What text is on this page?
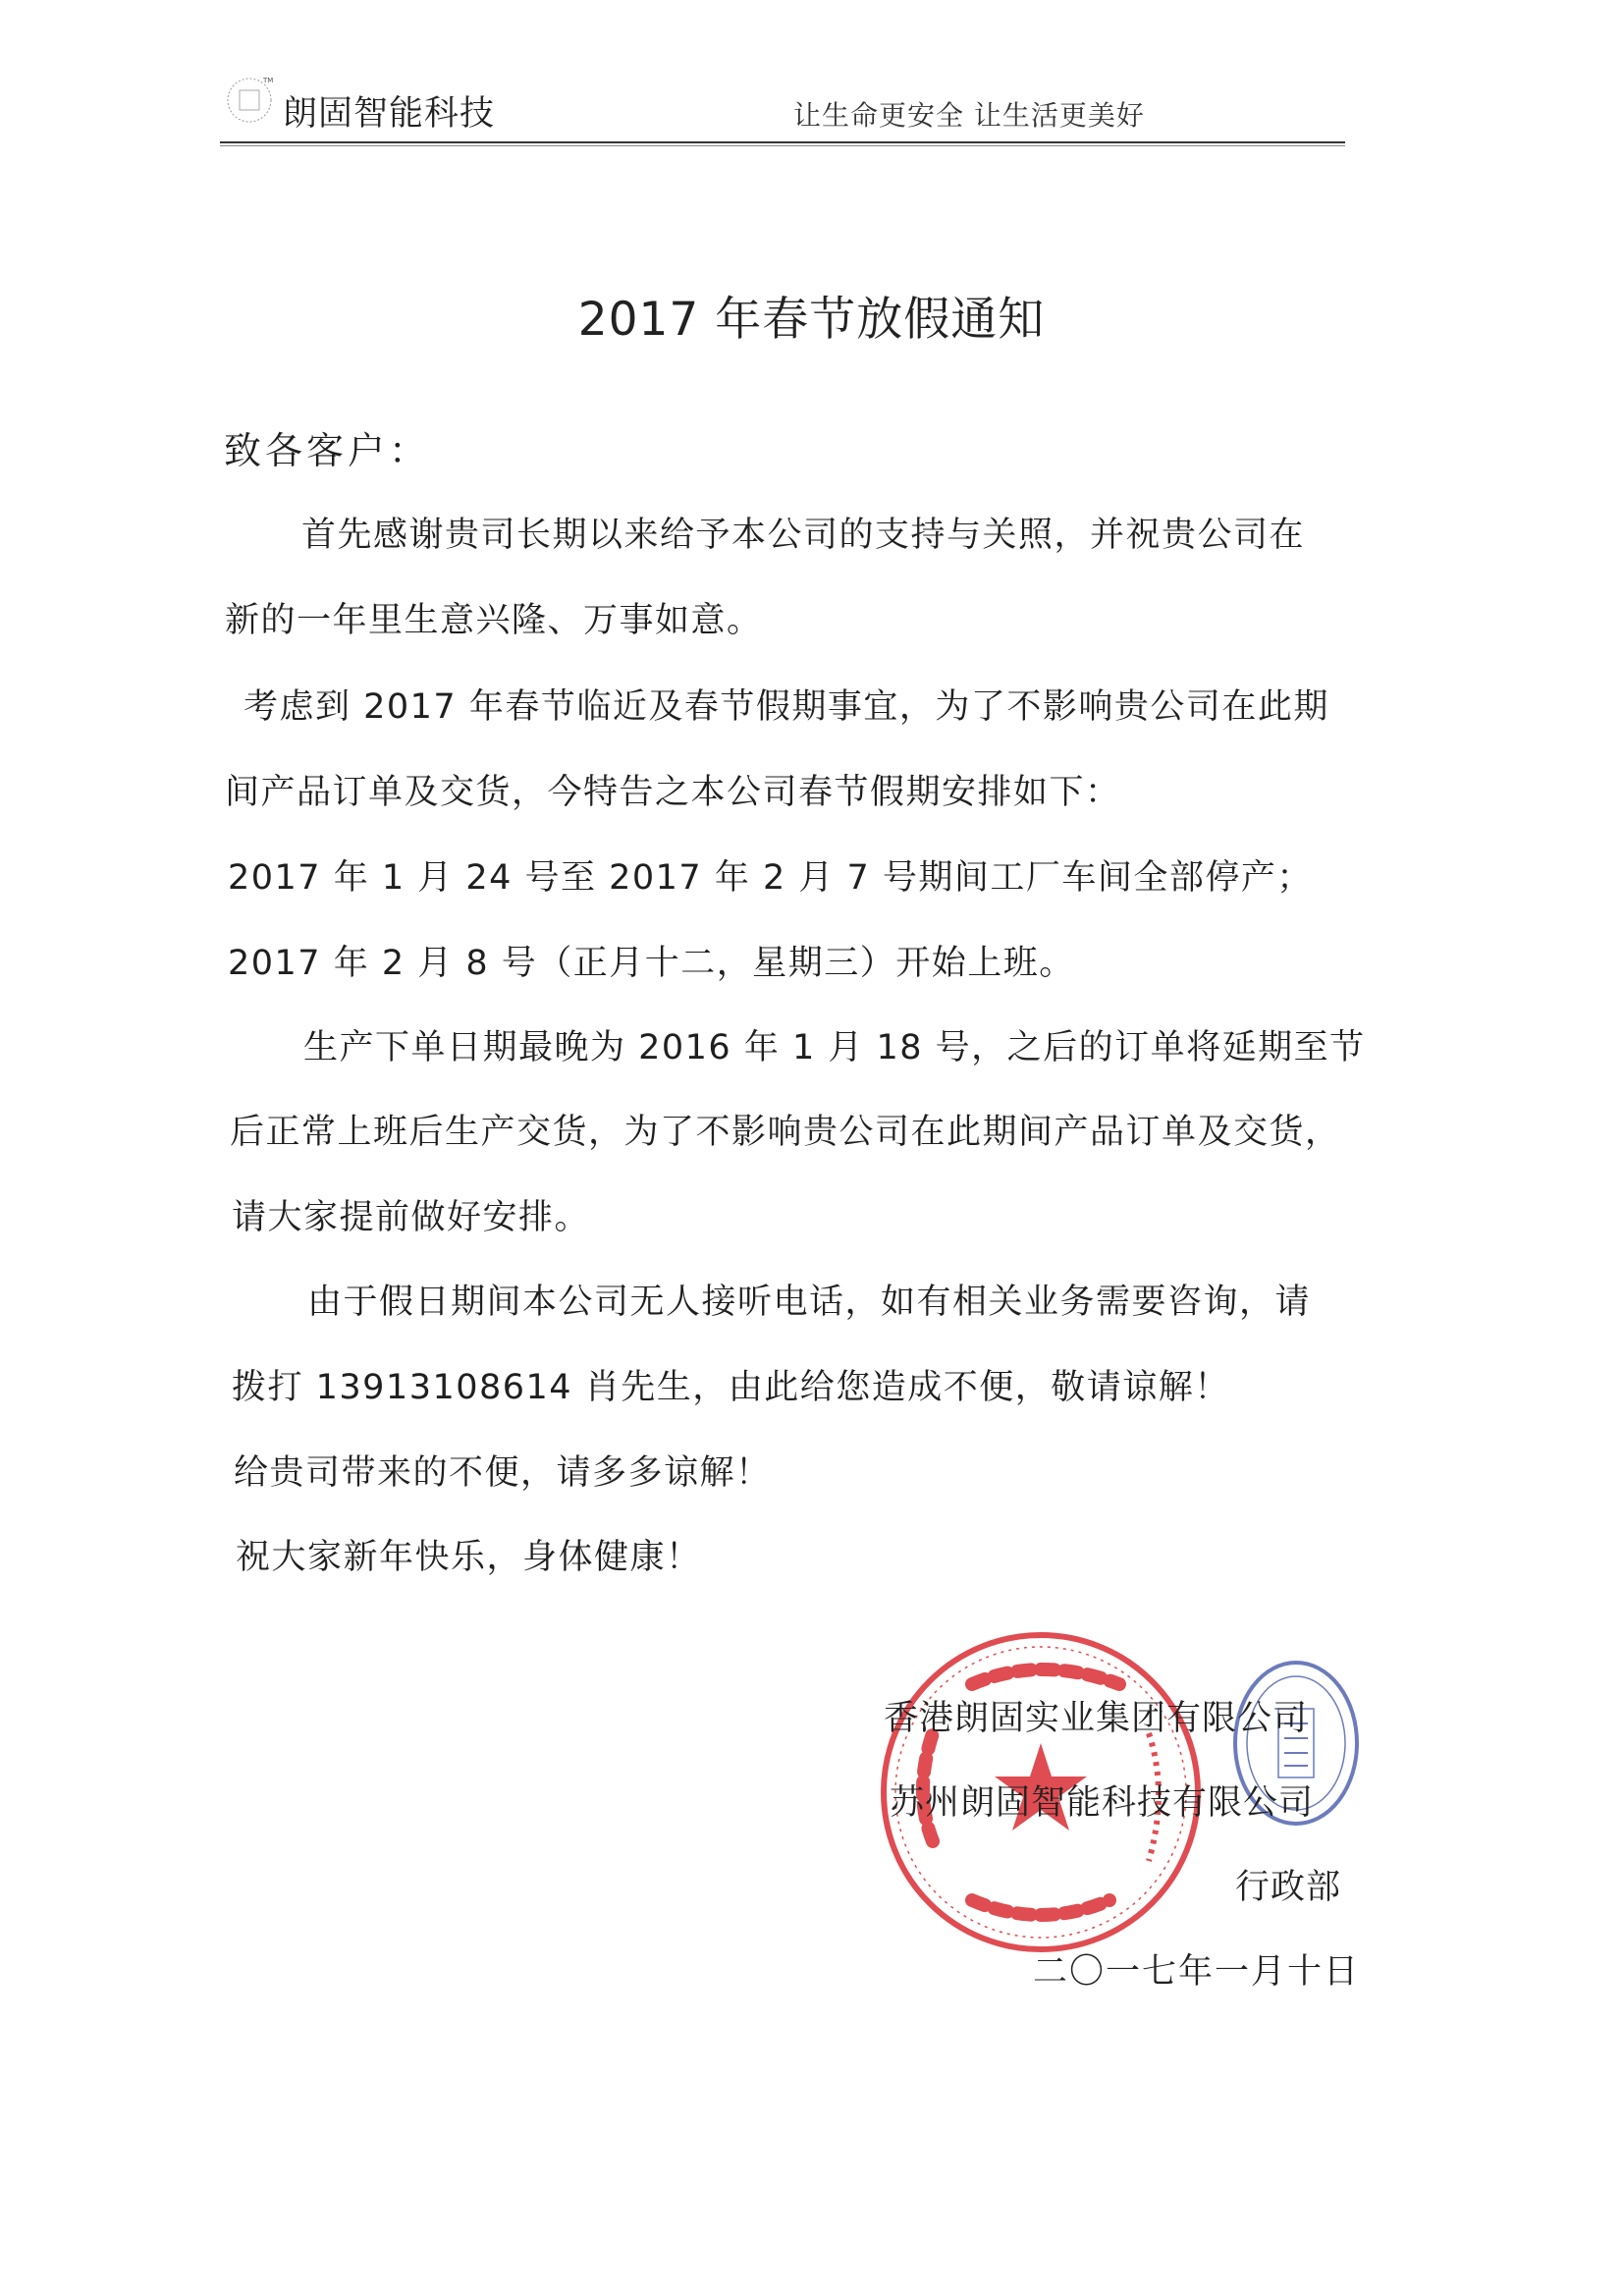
TM
朗固智能科技	让生命更安全 让生活更美好
2017 年春节放假通知
致各客户：
首先感谢贵司长期以来给予本公司的支持与关照，并祝贵公司在
新的一年里生意兴隆、万事如意。
考虑到 2017 年春节临近及春节假期事宜，为了不影响贵公司在此期
间产品订单及交货，今特告之本公司春节假期安排如下：
2017 年 1 月 24 号至 2017 年 2 月 7 号期间工厂车间全部停产；
2017 年 2 月 8 号（正月十二，星期三）开始上班。
生产下单日期最晚为 2016 年 1 月 18 号，之后的订单将延期至节
后正常上班后生产交货，为了不影响贵公司在此期间产品订单及交货，
请大家提前做好安排。
由于假日期间本公司无人接听电话，如有相关业务需要咨询，请
拨打 13913108614 肖先生，由此给您造成不便，敬请谅解！
给贵司带来的不便，请多多谅解！
祝大家新年快乐，身体健康！
香港朗固实业集团有限公司
苏州朗固智能科技有限公司
行政部
二〇一七年一月十日
